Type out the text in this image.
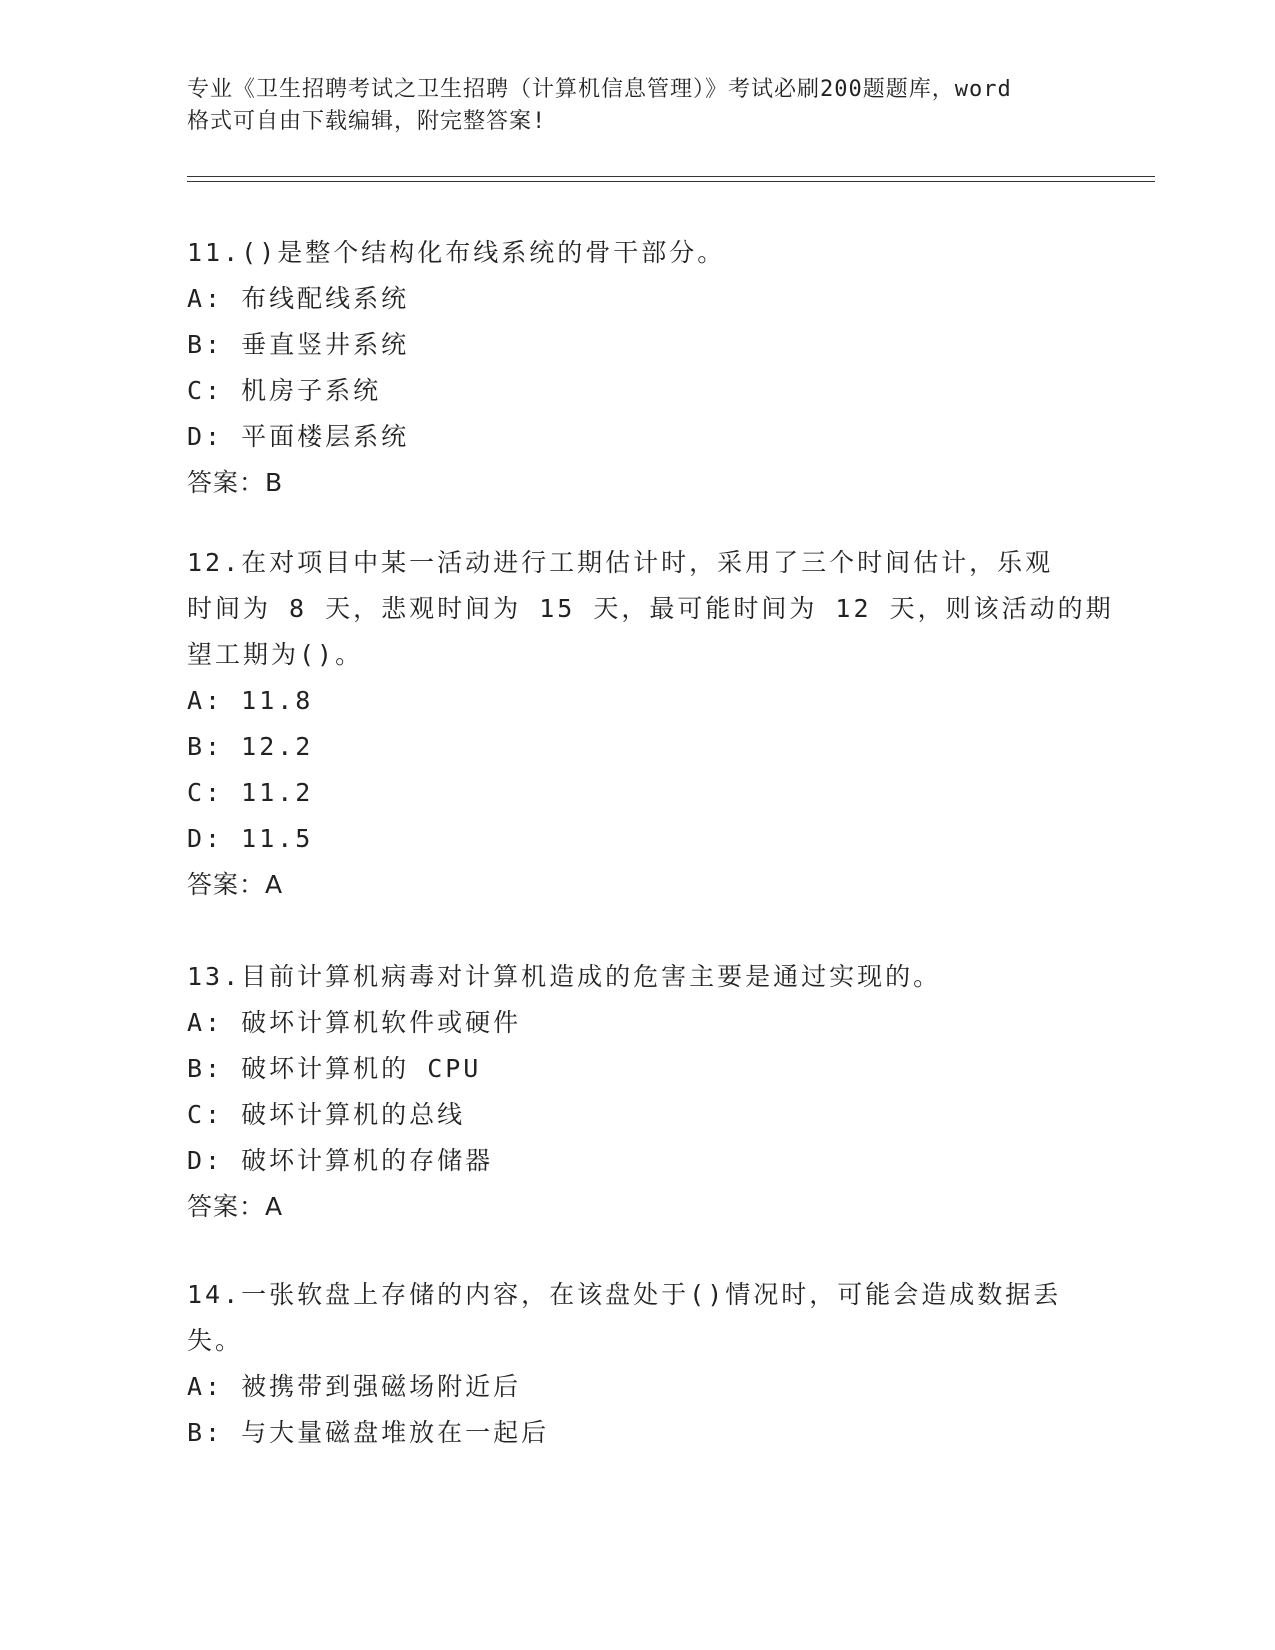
专业《卫生招聘考试之卫生招聘（计算机信息管理）》考试必刷200题题库，word
格式可自由下载编辑，附完整答案!
11.()是整个结构化布线系统的骨干部分。
A: 布线配线系统
B: 垂直竖井系统
C: 机房子系统
D: 平面楼层系统
答案：B
12.在对项目中某一活动进行工期估计时，采用了三个时间估计，乐观
时间为 8 天，悲观时间为 15 天，最可能时间为 12 天，则该活动的期
望工期为()。
A: 11.8
B: 12.2
C: 11.2
D: 11.5
答案：A
13.目前计算机病毒对计算机造成的危害主要是通过实现的。
A: 破坏计算机软件或硬件
B: 破坏计算机的 CPU
C: 破坏计算机的总线
D: 破坏计算机的存储器
答案：A
14.一张软盘上存储的内容，在该盘处于()情况时，可能会造成数据丢
失。
A: 被携带到强磁场附近后
B: 与大量磁盘堆放在一起后
